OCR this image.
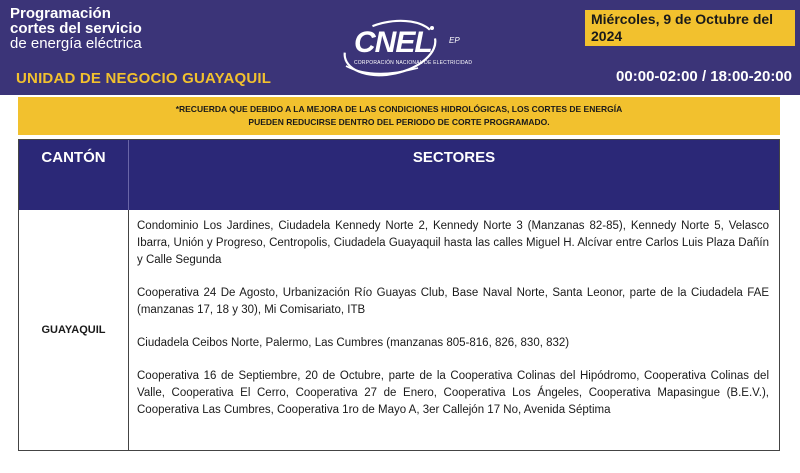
Programación
cortes del servicio
de energía eléctrica
UNIDAD DE NEGOCIO GUAYAQUIL
CNEL EP
CORPORACIÓN NACIONAL DE ELECTRICIDAD
Miércoles, 9 de Octubre del 2024
00:00-02:00 / 18:00-20:00
*RECUERDA QUE DEBIDO A LA MEJORA DE LAS CONDICIONES HIDROLÓGICAS, LOS CORTES DE ENERGÍA
PUEDEN REDUCIRSE DENTRO DEL PERIODO DE CORTE PROGRAMADO.
CANTÓN	SECTORES
GUAYAQUIL

Condominio Los Jardines, Ciudadela Kennedy Norte 2, Kennedy Norte 3 (Manzanas 82-85), Kennedy Norte 5, Velasco Ibarra, Unión y Progreso, Centropolis, Ciudadela Guayaquil hasta las calles Miguel H. Alcívar entre Carlos Luis Plaza Dañín y Calle Segunda

Cooperativa 24 De Agosto, Urbanización Río Guayas Club, Base Naval Norte, Santa Leonor, parte de la Ciudadela FAE (manzanas 17, 18 y 30), Mi Comisariato, ITB

Ciudadela Ceibos Norte, Palermo, Las Cumbres (manzanas 805-816, 826, 830, 832)

Cooperativa 16 de Septiembre, 20 de Octubre, parte de la Cooperativa Colinas del Hipódromo, Cooperativa Colinas del Valle, Cooperativa El Cerro, Cooperativa 27 de Enero, Cooperativa Los Ángeles, Cooperativa Mapasingue (B.E.V.), Cooperativa Las Cumbres, Cooperativa 1ro de Mayo A, 3er Callejón 17 No, Avenida Séptima
